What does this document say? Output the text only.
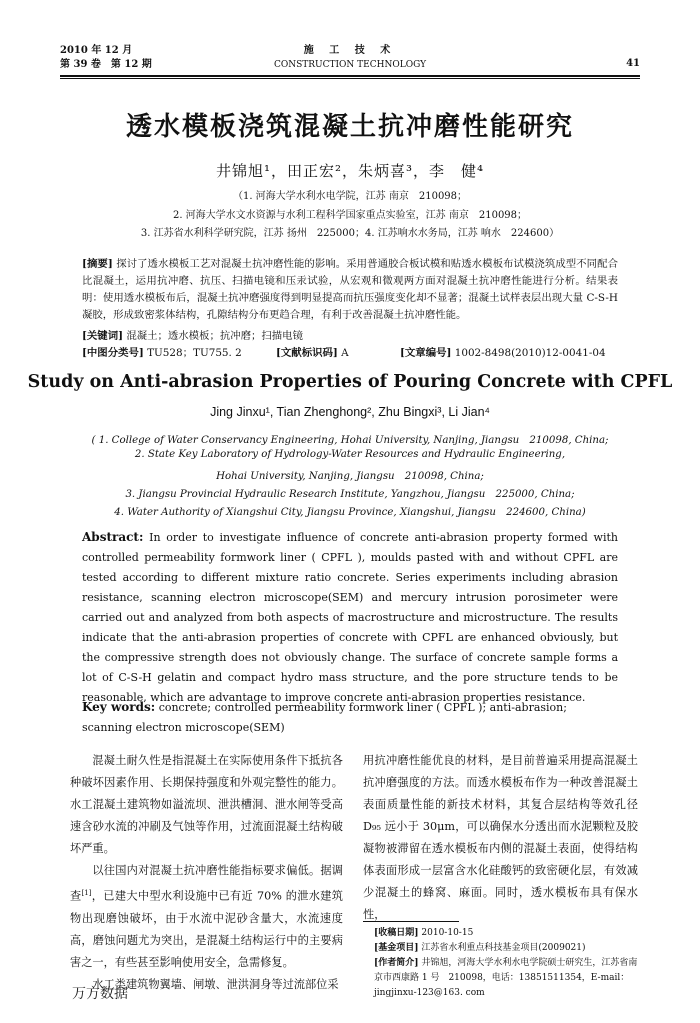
2010 年 12 月
第 39 卷　第 12 期
施 工 技 术
CONSTRUCTION TECHNOLOGY	41
透水模板浇筑混凝土抗冲磨性能研究
井锦旭¹，田正宏²，朱炳喜³，李　健⁴
（1. 河海大学水利水电学院，江苏 南京　210098；
2. 河海大学水文水资源与水利工程科学国家重点实验室，江苏 南京　210098；
3. 江苏省水利科学研究院，江苏 扬州　225000；4. 江苏响水水务局，江苏 响水　224600）
[摘要] 探讨了透水模板工艺对混凝土抗冲磨性能的影响。采用普通胶合板试模和贴透水模板布试模浇筑成型不同配合比混凝土，运用抗冲磨、抗压、扫描电镜和压汞试验，从宏观和微观两方面对混凝土抗冲磨性能进行分析。结果表明：使用透水模板布后，混凝土抗冲磨强度得到明显提高而抗压强度变化却不显著；混凝土试样表层出现大量 C-S-H 凝胶，形成致密浆体结构，孔隙结构分布更趋合理，有利于改善混凝土抗冲磨性能。
[关键词] 混凝土；透水模板；抗冲磨；扫描电镜
[中图分类号] TU528；TU755. 2	[文献标识码] A	[文章编号] 1002-8498(2010)12-0041-04
Study on Anti-abrasion Properties of Pouring Concrete with CPFL
Jing Jinxu¹, Tian Zhenghong², Zhu Bingxi³, Li Jian⁴
( 1. College of Water Conservancy Engineering, Hohai University, Nanjing, Jiangsu　210098, China;
2. State Key Laboratory of Hydrology-Water Resources and Hydraulic Engineering,
Hohai University, Nanjing, Jiangsu　210098, China;
3. Jiangsu Provincial Hydraulic Research Institute, Yangzhou, Jiangsu　225000, China;
4. Water Authority of Xiangshui City, Jiangsu Province, Xiangshui, Jiangsu　224600, China)
Abstract: In order to investigate influence of concrete anti-abrasion property formed with controlled permeability formwork liner ( CPFL ), moulds pasted with and without CPFL are tested according to different mixture ratio concrete. Series experiments including abrasion resistance, scanning electron microscope(SEM) and mercury intrusion porosimeter were carried out and analyzed from both aspects of macrostructure and microstructure. The results indicate that the anti-abrasion properties of concrete with CPFL are enhanced obviously, but the compressive strength does not obviously change. The surface of concrete sample forms a lot of C-S-H gelatin and compact hydro mass structure, and the pore structure tends to be reasonable, which are advantage to improve concrete anti-abrasion properties resistance.
Key words: concrete; controlled permeability formwork liner ( CPFL ); anti-abrasion; scanning electron microscope(SEM)

混凝土耐久性是指混凝土在实际使用条件下抵抗各种破坏因素作用、长期保持强度和外观完整性的能力。水工混凝土建筑物如溢流坝、泄洪槽洞、泄水闸等受高速含砂水流的冲刷及气蚀等作用，过流面混凝土结构破坏严重。

以往国内对混凝土抗冲磨性能指标要求偏低。据调查[1]，已建大中型水利设施中已有近 70% 的泄水建筑物出现磨蚀破坏，由于水流中泥砂含量大，水流速度高，磨蚀问题尤为突出，是混凝土结构运行中的主要病害之一，有些甚至影响使用安全，急需修复。

水工类建筑物翼墙、闸墩、泄洪洞身等过流部位采

用抗冲磨性能优良的材料，是目前普遍采用提高混凝土抗冲磨强度的方法。而透水模板布作为一种改善混凝土表面质量性能的新技术材料，其复合层结构等效孔径 D₉₅ 远小于 30μm，可以确保水分透出而水泥颗粒及胶凝物被滞留在透水模板布内侧的混凝土表面，使得结构体表面形成一层富含水化硅酸钙的致密硬化层，有效减少混凝土的蜂窝、麻面。同时，透水模板布具有保水性，

[收稿日期] 2010-10-15
[基金项目] 江苏省水利重点科技基金项目(2009021)
[作者简介] 井锦旭，河海大学水利水电学院硕士研究生，江苏省南京市西康路 1 号　210098，电话：13851511354，E-mail：jingjinxu-123@163. com
万方数据
